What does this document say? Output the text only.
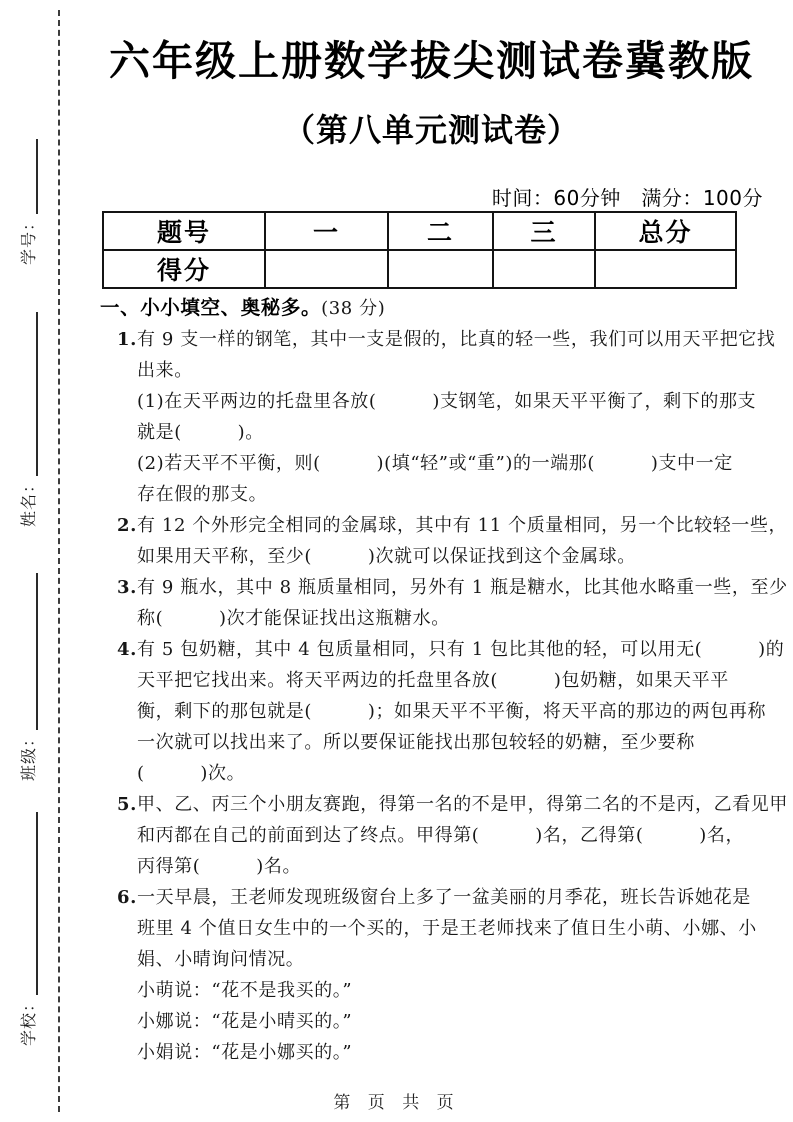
学号：
姓名：
班级：
学校：
六年级上册数学拔尖测试卷冀教版
（第八单元测试卷）
时间：60分钟　满分：100分
题号	一	二	三	总分
得分				
一、小小填空、奥秘多。(38 分)
1. 有 9 支一样的钢笔，其中一支是假的，比真的轻一些，我们可以用天平把它找
出来。
(1)在天平两边的托盘里各放(　　　)支钢笔，如果天平平衡了，剩下的那支
就是(　　　)。
(2)若天平不平衡，则(　　　)(填“轻”或“重”)的一端那(　　　)支中一定
存在假的那支。
2. 有 12 个外形完全相同的金属球，其中有 11 个质量相同，另一个比较轻一些，
如果用天平称，至少(　　　)次就可以保证找到这个金属球。
3. 有 9 瓶水，其中 8 瓶质量相同，另外有 1 瓶是糖水，比其他水略重一些，至少
称(　　　)次才能保证找出这瓶糖水。
4. 有 5 包奶糖，其中 4 包质量相同，只有 1 包比其他的轻，可以用无(　　　)的
天平把它找出来。将天平两边的托盘里各放(　　　)包奶糖，如果天平平
衡，剩下的那包就是(　　　)；如果天平不平衡，将天平高的那边的两包再称
一次就可以找出来了。所以要保证能找出那包较轻的奶糖，至少要称
(　　　)次。
5. 甲、乙、丙三个小朋友赛跑，得第一名的不是甲，得第二名的不是丙，乙看见甲
和丙都在自己的前面到达了终点。甲得第(　　　)名，乙得第(　　　)名，
丙得第(　　　)名。
6. 一天早晨，王老师发现班级窗台上多了一盆美丽的月季花，班长告诉她花是
班里 4 个值日女生中的一个买的，于是王老师找来了值日生小萌、小娜、小
娟、小晴询问情况。
小萌说：“花不是我买的。”
小娜说：“花是小晴买的。”
小娟说：“花是小娜买的。”
第 页 共 页
